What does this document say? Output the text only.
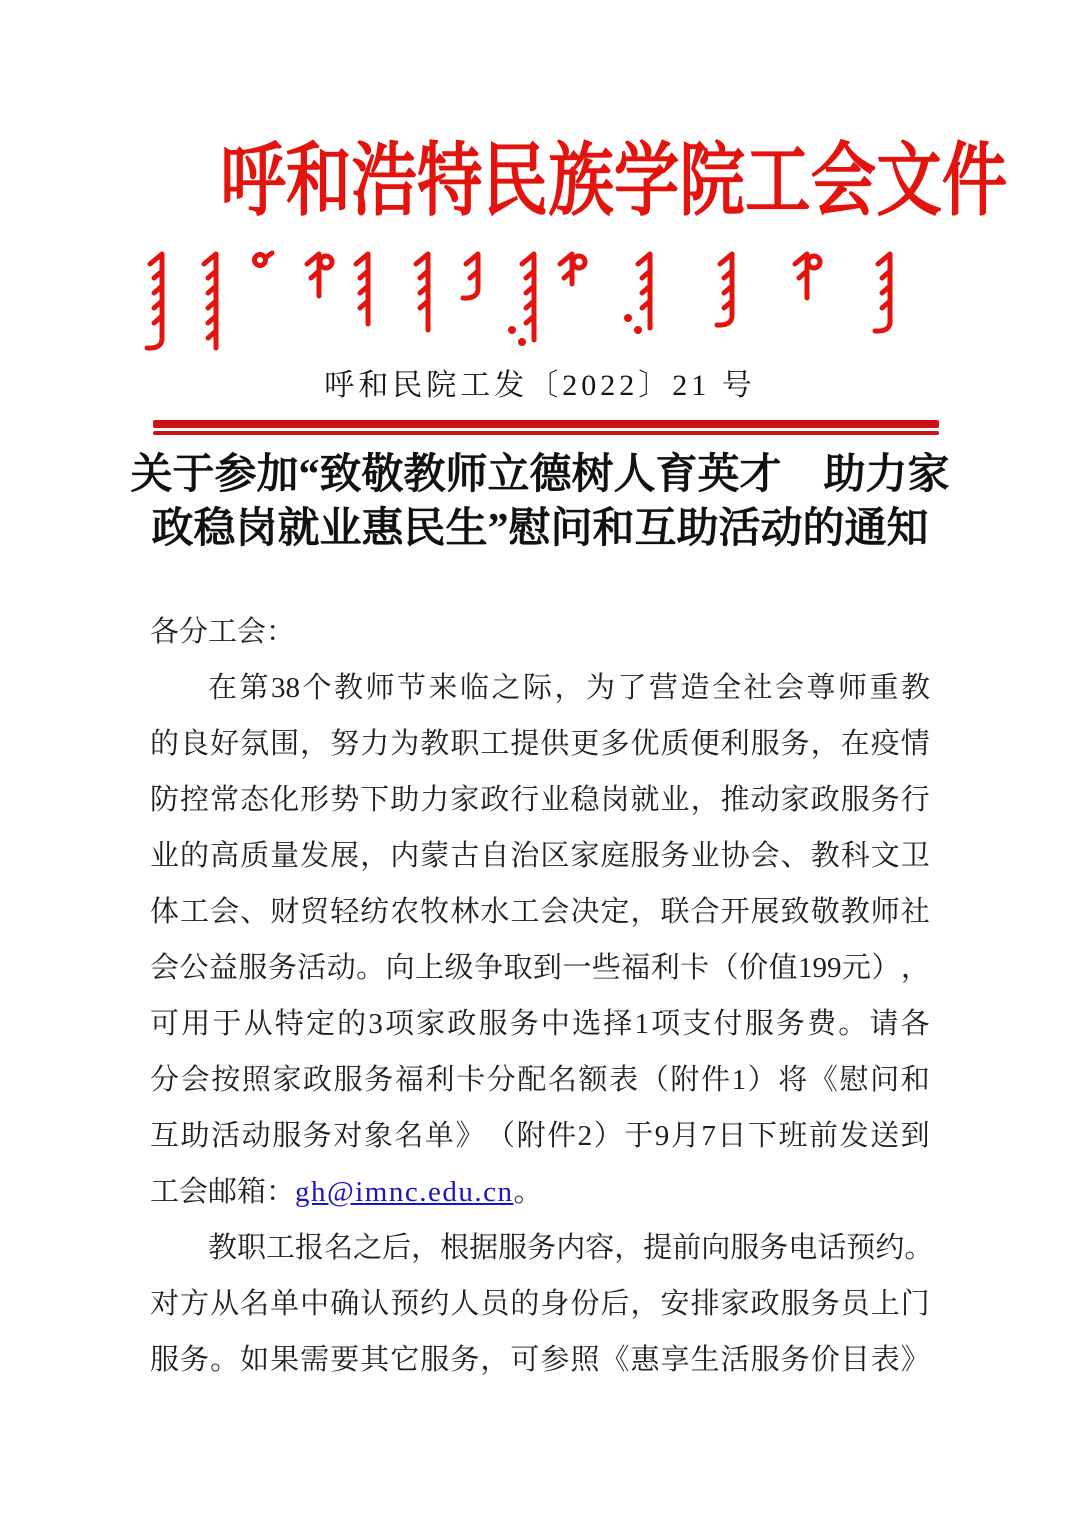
呼和浩特民族学院工会文件
呼和民院工发〔2022〕21 号
关于参加“致敬教师立德树人育英才　助力家
政稳岗就业惠民生”慰问和互助活动的通知
各分工会：
在 第 38 个 教 师 节 来 临 之 际 ， 为 了 营 造 全 社 会 尊 师 重 教
的 良 好 氛 围 ， 努 力 为 教 职 工 提 供 更 多 优 质 便 利 服 务 ， 在 疫 情
防 控 常 态 化 形 势 下 助 力 家 政 行 业 稳 岗 就 业 ， 推 动 家 政 服 务 行
业 的 高 质 量 发 展 ， 内 蒙 古 自 治 区 家 庭 服 务 业 协 会 、 教 科 文 卫
体 工 会 、 财 贸 轻 纺 农 牧 林 水 工 会 决 定 ， 联 合 开 展 致 敬 教 师 社
会 公 益 服 务 活 动 。 向 上 级 争 取 到 一 些 福 利 卡 （ 价 值 199 元 ） ，
可 用 于 从 特 定 的 3 项 家 政 服 务 中 选 择 1 项 支 付 服 务 费 。 请 各
分 会 按 照 家 政 服 务 福 利 卡 分 配 名 额 表 （ 附 件 1 ） 将 《 慰 问 和
互 助 活 动 服 务 对 象 名 单 》 （ 附 件 2 ） 于 9 月 7 日 下 班 前 发 送 到
工会邮箱：gh@imnc.edu.cn。
教 职 工 报 名 之 后 ， 根 据 服 务 内 容 ， 提 前 向 服 务 电 话 预 约 。
对 方 从 名 单 中 确 认 预 约 人 员 的 身 份 后 ， 安 排 家 政 服 务 员 上 门
服 务 。 如 果 需 要 其 它 服 务 ， 可 参 照 《 惠 享 生 活 服 务 价 目 表 》
